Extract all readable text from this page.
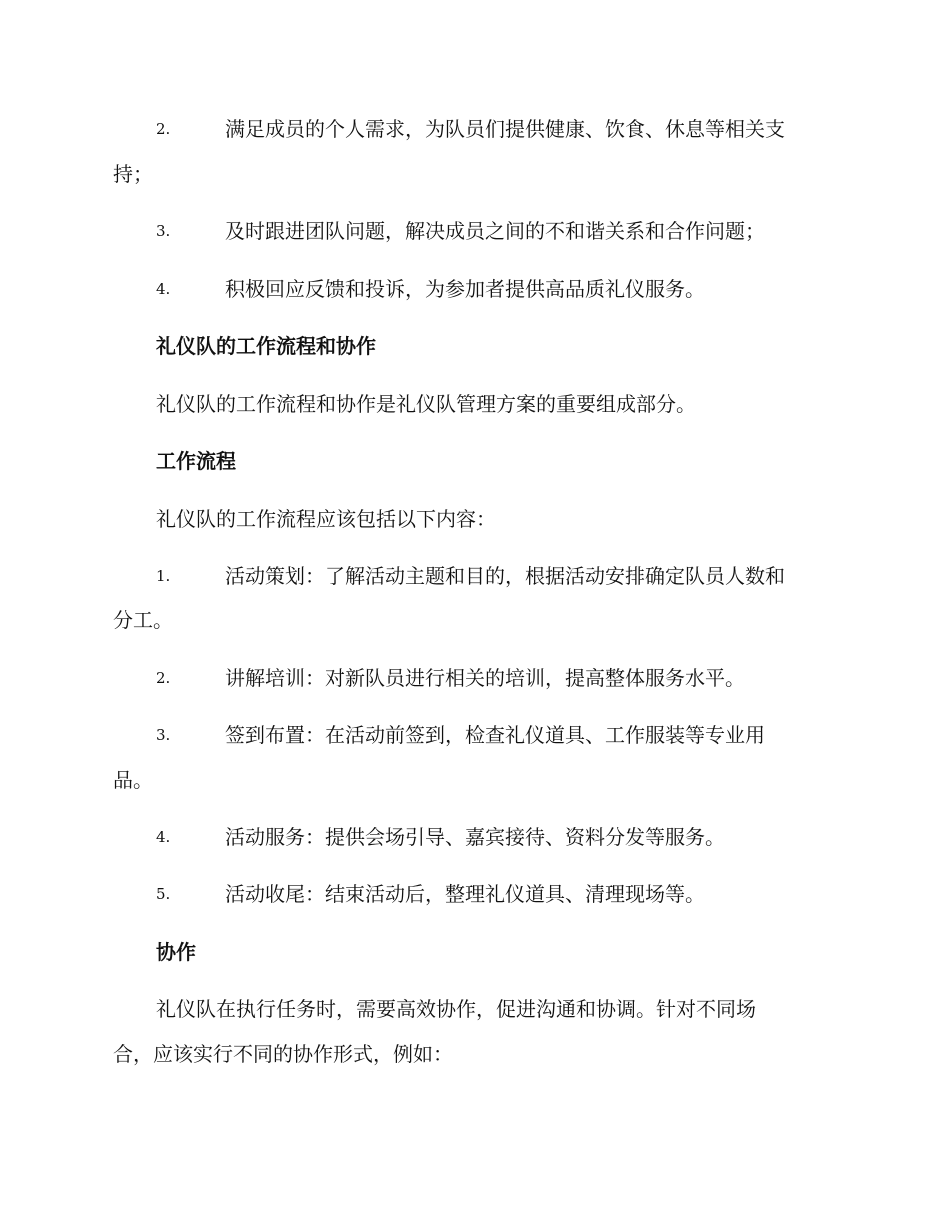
2.	满足成员的个人需求，为队员们提供健康、饮食、休息等相关支
持；
3.	及时跟进团队问题，解决成员之间的不和谐关系和合作问题；
4.	积极回应反馈和投诉，为参加者提供高品质礼仪服务。
礼仪队的工作流程和协作
礼仪队的工作流程和协作是礼仪队管理方案的重要组成部分。
工作流程
礼仪队的工作流程应该包括以下内容：
1.	活动策划：了解活动主题和目的，根据活动安排确定队员人数和
分工。
2.	讲解培训：对新队员进行相关的培训，提高整体服务水平。
3.	签到布置：在活动前签到，检查礼仪道具、工作服装等专业用
品。
4.	活动服务：提供会场引导、嘉宾接待、资料分发等服务。
5.	活动收尾：结束活动后，整理礼仪道具、清理现场等。
协作
礼仪队在执行任务时，需要高效协作，促进沟通和协调。针对不同场
合，应该实行不同的协作形式，例如：
